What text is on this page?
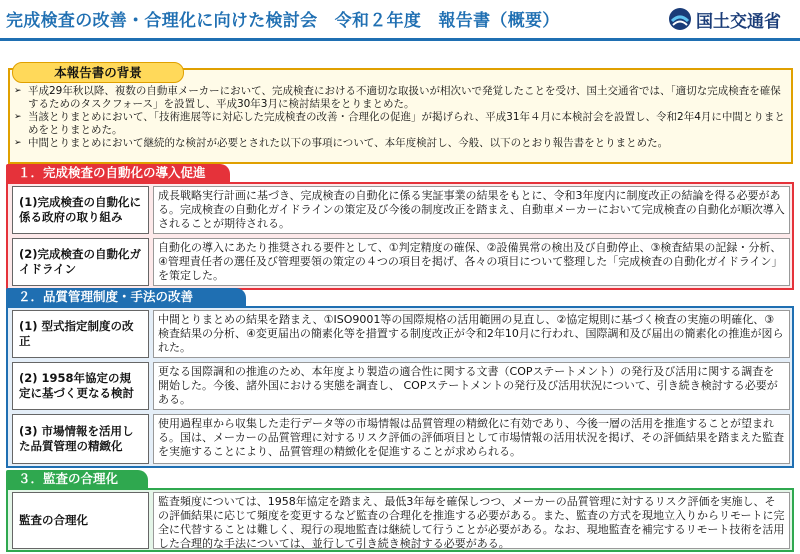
完成検査の改善・合理化に向けた検討会　令和２年度　報告書（概要）	国土交通省
本報告書の背景
➢ 平成29年秋以降、複数の自動車メーカーにおいて、完成検査における不適切な取扱いが相次いで発覚したことを受け、国土交通省では、「適切な完成検査を確保するためのタスクフォース」を設置し、平成30年3月に検討結果をとりまとめた。
➢ 当該とりまとめにおいて、「技術進展等に対応した完成検査の改善・合理化の促進」が掲げられ、平成31年４月に本検討会を設置し、令和2年4月に中間とりまとめをとりまとめた。
➢ 中間とりまとめにおいて継続的な検討が必要とされた以下の事項について、本年度検討し、今般、以下のとおり報告書をとりまとめた。
１．完成検査の自動化の導入促進
(1)完成検査の自動化に係る政府の取り組み
成長戦略実行計画に基づき、完成検査の自動化に係る実証事業の結果をもとに、令和3年度内に制度改正の結論を得る必要がある。完成検査の自動化ガイドラインの策定及び今後の制度改正を踏まえ、自動車メーカーにおいて完成検査の自動化が順次導入されることが期待される。
(2)完成検査の自動化ガイドライン
自動化の導入にあたり推奨される要件として、①判定精度の確保、②設備異常の検出及び自動停止、③検査結果の記録・分析、④管理責任者の選任及び管理要領の策定の４つの項目を掲げ、各々の項目について整理した「完成検査の自動化ガイドライン」を策定した。
２．品質管理制度・手法の改善
(1) 型式指定制度の改正
中間とりまとめの結果を踏まえ、①ISO9001等の国際規格の活用範囲の見直し、②協定規則に基づく検査の実施の明確化、③検査結果の分析、④変更届出の簡素化等を措置する制度改正が令和2年10月に行われ、国際調和及び届出の簡素化の推進が図られた。
(2) 1958年協定の規定に基づく更なる検討
更なる国際調和の推進のため、本年度より製造の適合性に関する文書（COPステートメント）の発行及び活用に関する調査を開始した。今後、諸外国における実態を調査し、 COPステートメントの発行及び活用状況について、引き続き検討する必要がある。
(3) 市場情報を活用した品質管理の精緻化
使用過程車から収集した走行データ等の市場情報は品質管理の精緻化に有効であり、今後一層の活用を推進することが望まれる。国は、メーカーの品質管理に対するリスク評価の評価項目として市場情報の活用状況を掲げ、その評価結果を踏まえた監査を実施することにより、品質管理の精緻化を促進することが求められる。
３．監査の合理化
監査の合理化
監査頻度については、1958年協定を踏まえ、最低3年毎を確保しつつ、メーカーの品質管理に対するリスク評価を実施し、その評価結果に応じて頻度を変更するなど監査の合理化を推進する必要がある。また、監査の方式を現地立入りからリモートに完全に代替することは難しく、現行の現地監査は継続して行うことが必要がある。なお、現地監査を補完するリモート技術を活用した合理的な手法については、並行して引き続き検討する必要がある。
